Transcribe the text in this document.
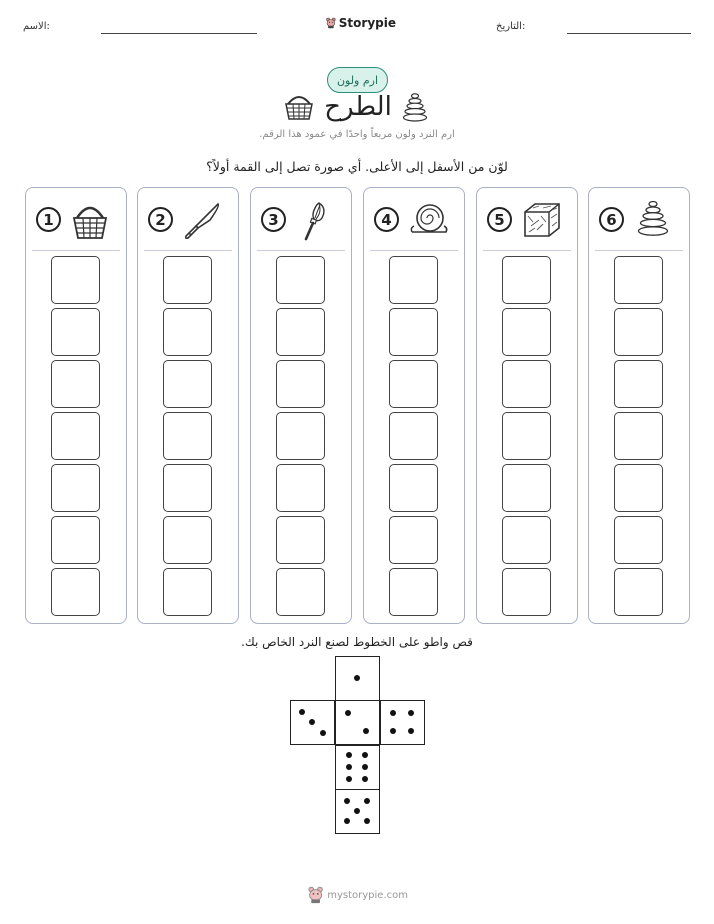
الاسم:	Storypie	التاريخ:
ارم ولون
الطرح
ارم النرد ولون مربعاً واحدًا في عمود هذا الرقم.
لوّن من الأسفل إلى الأعلى. أي صورة تصل إلى القمة أولاً؟
1	2	3	4	5	6
قص واطو على الخطوط لصنع النرد الخاص بك.
mystorypie.com
